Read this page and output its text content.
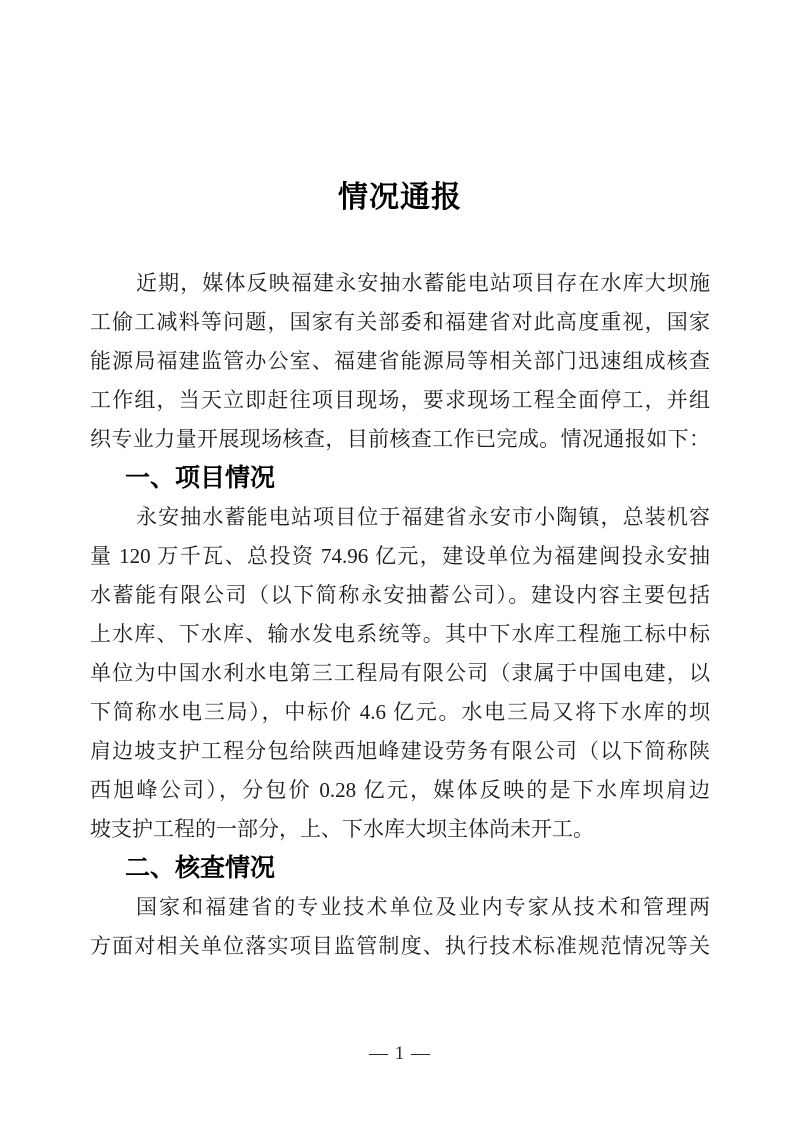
情况通报
近期，媒体反映福建永安抽水蓄能电站项目存在水库大坝施
工偷工减料等问题，国家有关部委和福建省对此高度重视，国家
能源局福建监管办公室、福建省能源局等相关部门迅速组成核查
工作组，当天立即赶往项目现场，要求现场工程全面停工，并组
织专业力量开展现场核查，目前核查工作已完成。情况通报如下：
一、项目情况
永安抽水蓄能电站项目位于福建省永安市小陶镇，总装机容
量 120 万千瓦、总投资 74.96 亿元，建设单位为福建闽投永安抽
水蓄能有限公司（以下简称永安抽蓄公司）。建设内容主要包括
上水库、下水库、输水发电系统等。其中下水库工程施工标中标
单位为中国水利水电第三工程局有限公司（隶属于中国电建，以
下简称水电三局），中标价 4.6 亿元。水电三局又将下水库的坝
肩边坡支护工程分包给陕西旭峰建设劳务有限公司（以下简称陕
西旭峰公司），分包价 0.28 亿元，媒体反映的是下水库坝肩边
坡支护工程的一部分，上、下水库大坝主体尚未开工。
二、核查情况
国家和福建省的专业技术单位及业内专家从技术和管理两
方面对相关单位落实项目监管制度、执行技术标准规范情况等关
— 1 —
